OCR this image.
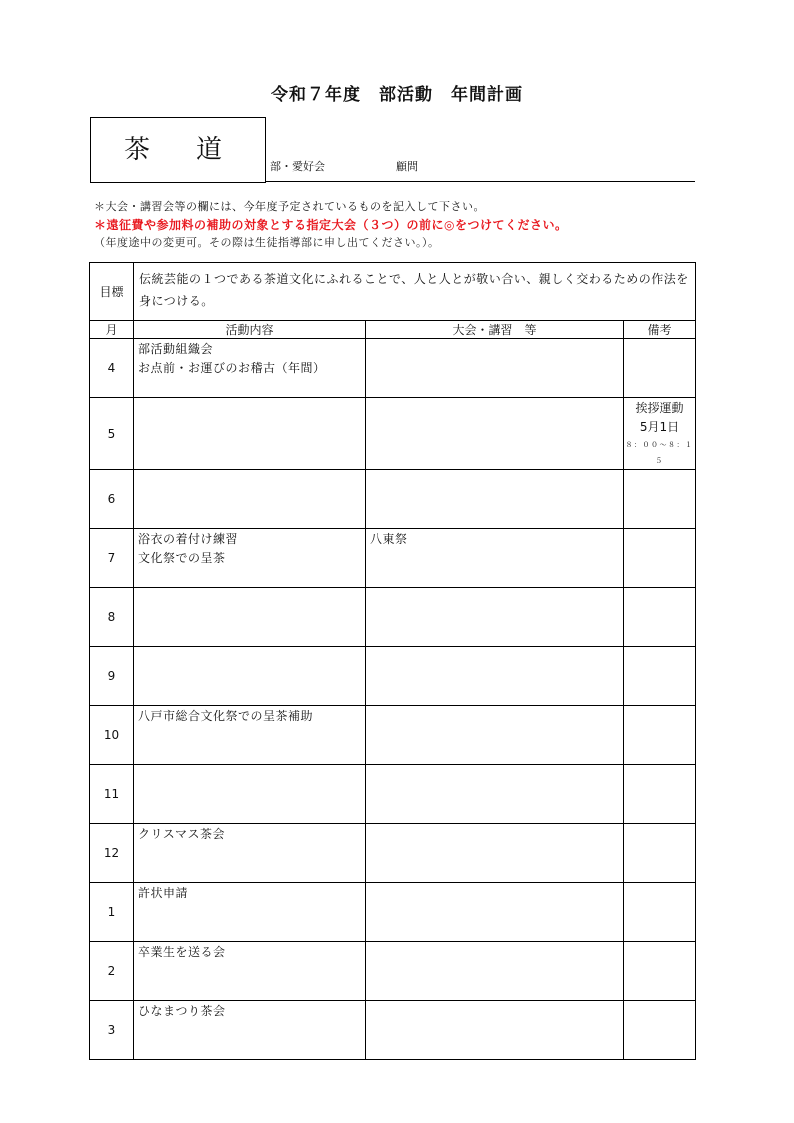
令和７年度　部活動　年間計画
茶　道
部・愛好会	顧問
＊大会・講習会等の欄には、今年度予定されているものを記入して下さい。
＊遠征費や参加料の補助の対象とする指定大会（３つ）の前に◎をつけてください。
（年度途中の変更可。その際は生徒指導部に申し出てください。）。
目標	伝統芸能の１つである茶道文化にふれることで、人と人とが敬い合い、親しく交わるための作法を身につける。		
月	活動内容	大会・講習　等	備考
4	部活動組織会
お点前・お運びのお稽古（年間）		

5			挨拶運動
5月1日
８：００～８：１５

6			
7	浴衣の着付け練習
文化祭での呈茶	八東祭	

8			
9			
10	八戸市総合文化祭での呈茶補助		

11			
12	クリスマス茶会		

1	許状申請		

2	卒業生を送る会		

3	ひなまつり茶会		
